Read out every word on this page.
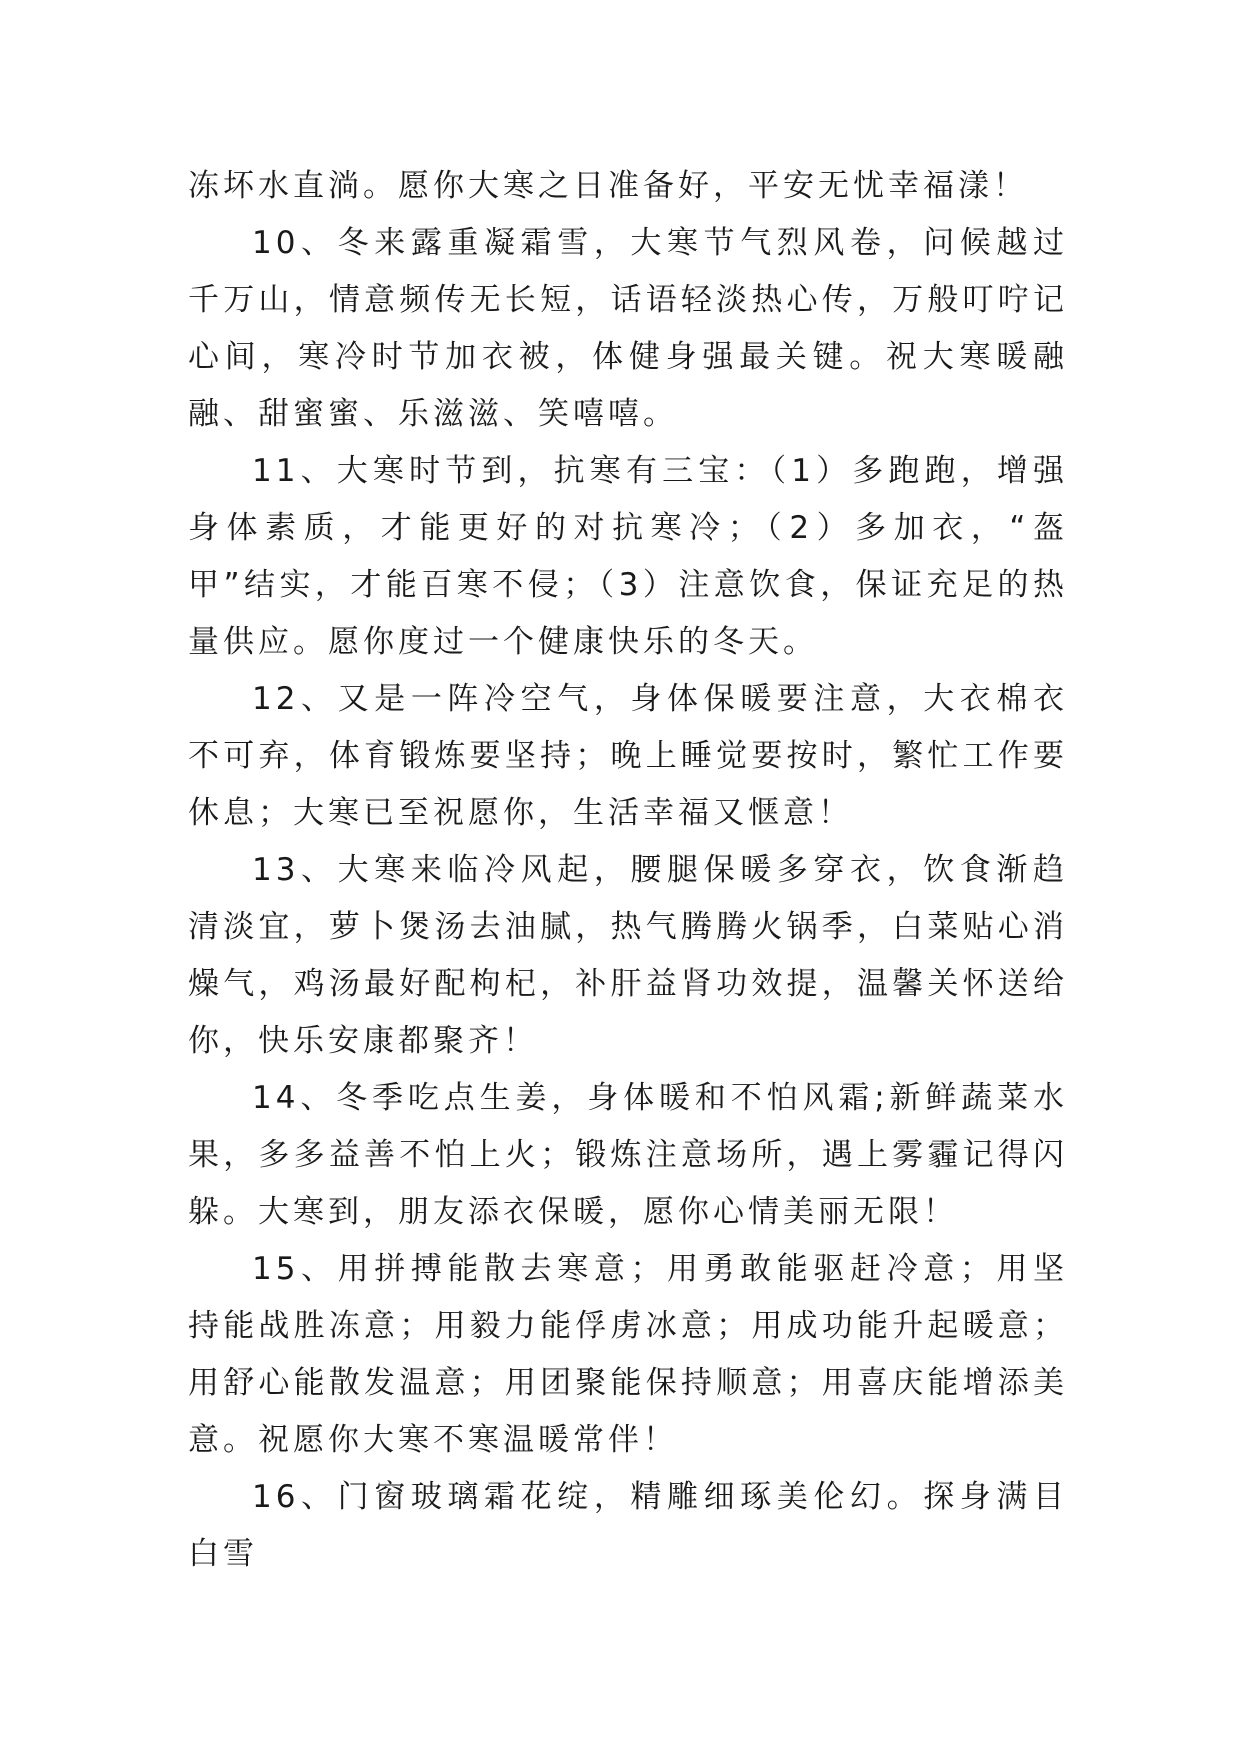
冻坏水直淌。愿你大寒之日准备好，平安无忧幸福漾！

10、冬来露重凝霜雪，大寒节气烈风卷，问候越过千万山，情意频传无长短，话语轻淡热心传，万般叮咛记心间，寒冷时节加衣被，体健身强最关键。祝大寒暖融融、甜蜜蜜、乐滋滋、笑嘻嘻。

11、大寒时节到，抗寒有三宝：（1）多跑跑，增强身体素质，才能更好的对抗寒冷；（2）多加衣，“盔甲”结实，才能百寒不侵；（3）注意饮食，保证充足的热量供应。愿你度过一个健康快乐的冬天。

12、又是一阵冷空气，身体保暖要注意，大衣棉衣不可弃，体育锻炼要坚持；晚上睡觉要按时，繁忙工作要休息；大寒已至祝愿你，生活幸福又惬意！

13、大寒来临冷风起，腰腿保暖多穿衣，饮食渐趋清淡宜，萝卜煲汤去油腻，热气腾腾火锅季，白菜贴心消燥气，鸡汤最好配枸杞，补肝益肾功效提，温馨关怀送给你，快乐安康都聚齐！

14、冬季吃点生姜，身体暖和不怕风霜;新鲜蔬菜水果，多多益善不怕上火；锻炼注意场所，遇上雾霾记得闪躲。大寒到，朋友添衣保暖，愿你心情美丽无限！

15、用拼搏能散去寒意；用勇敢能驱赶冷意；用坚持能战胜冻意；用毅力能俘虏冰意；用成功能升起暖意；用舒心能散发温意；用团聚能保持顺意；用喜庆能增添美意。祝愿你大寒不寒温暖常伴！

16、门窗玻璃霜花绽，精雕细琢美伦幻。探身满目白雪
